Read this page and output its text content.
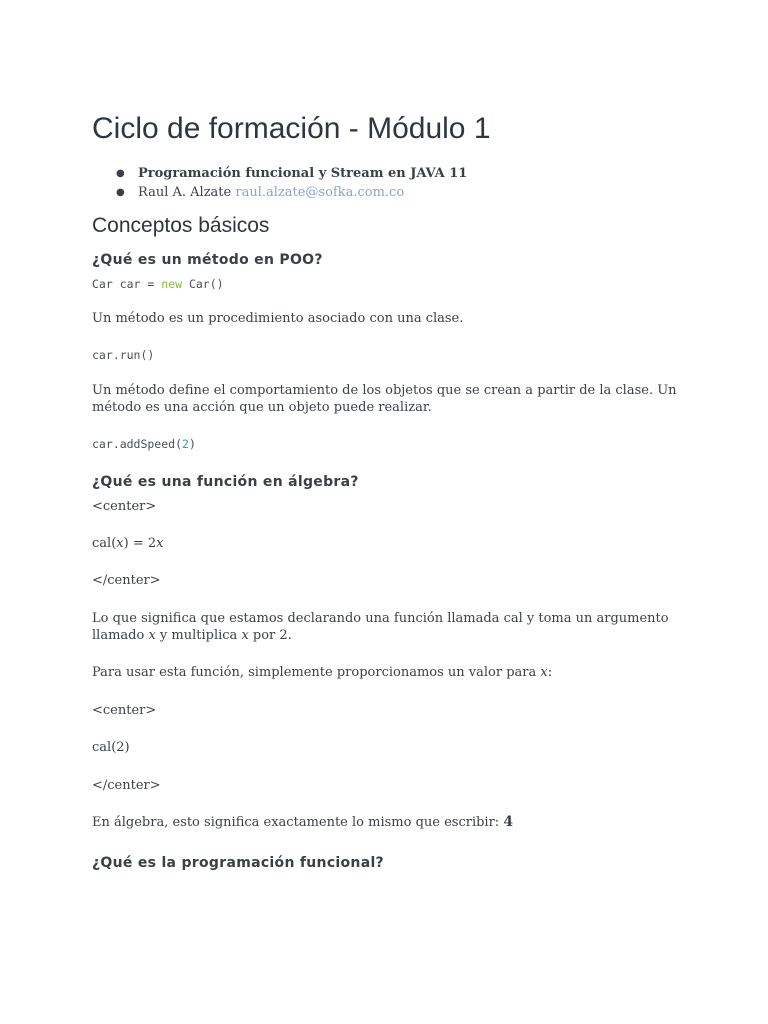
Ciclo de formación - Módulo 1
● Programación funcional y Stream en JAVA 11
● Raul A. Alzate raul.alzate@sofka.com.co
Conceptos básicos
¿Qué es un método en POO?
Car car = new Car()

Un método es un procedimiento asociado con una clase.

car.run()

Un método define el comportamiento de los objetos que se crean a partir de la clase. Un método es una acción que un objeto puede realizar.

car.addSpeed(2)
¿Qué es una función en álgebra?

<center>

cal(x) = 2x

</center>

Lo que significa que estamos declarando una función llamada cal y toma un argumento llamado x y multiplica x por 2.

Para usar esta función, simplemente proporcionamos un valor para x:

<center>

cal(2)

</center>

En álgebra, esto significa exactamente lo mismo que escribir: 4

¿Qué es la programación funcional?
